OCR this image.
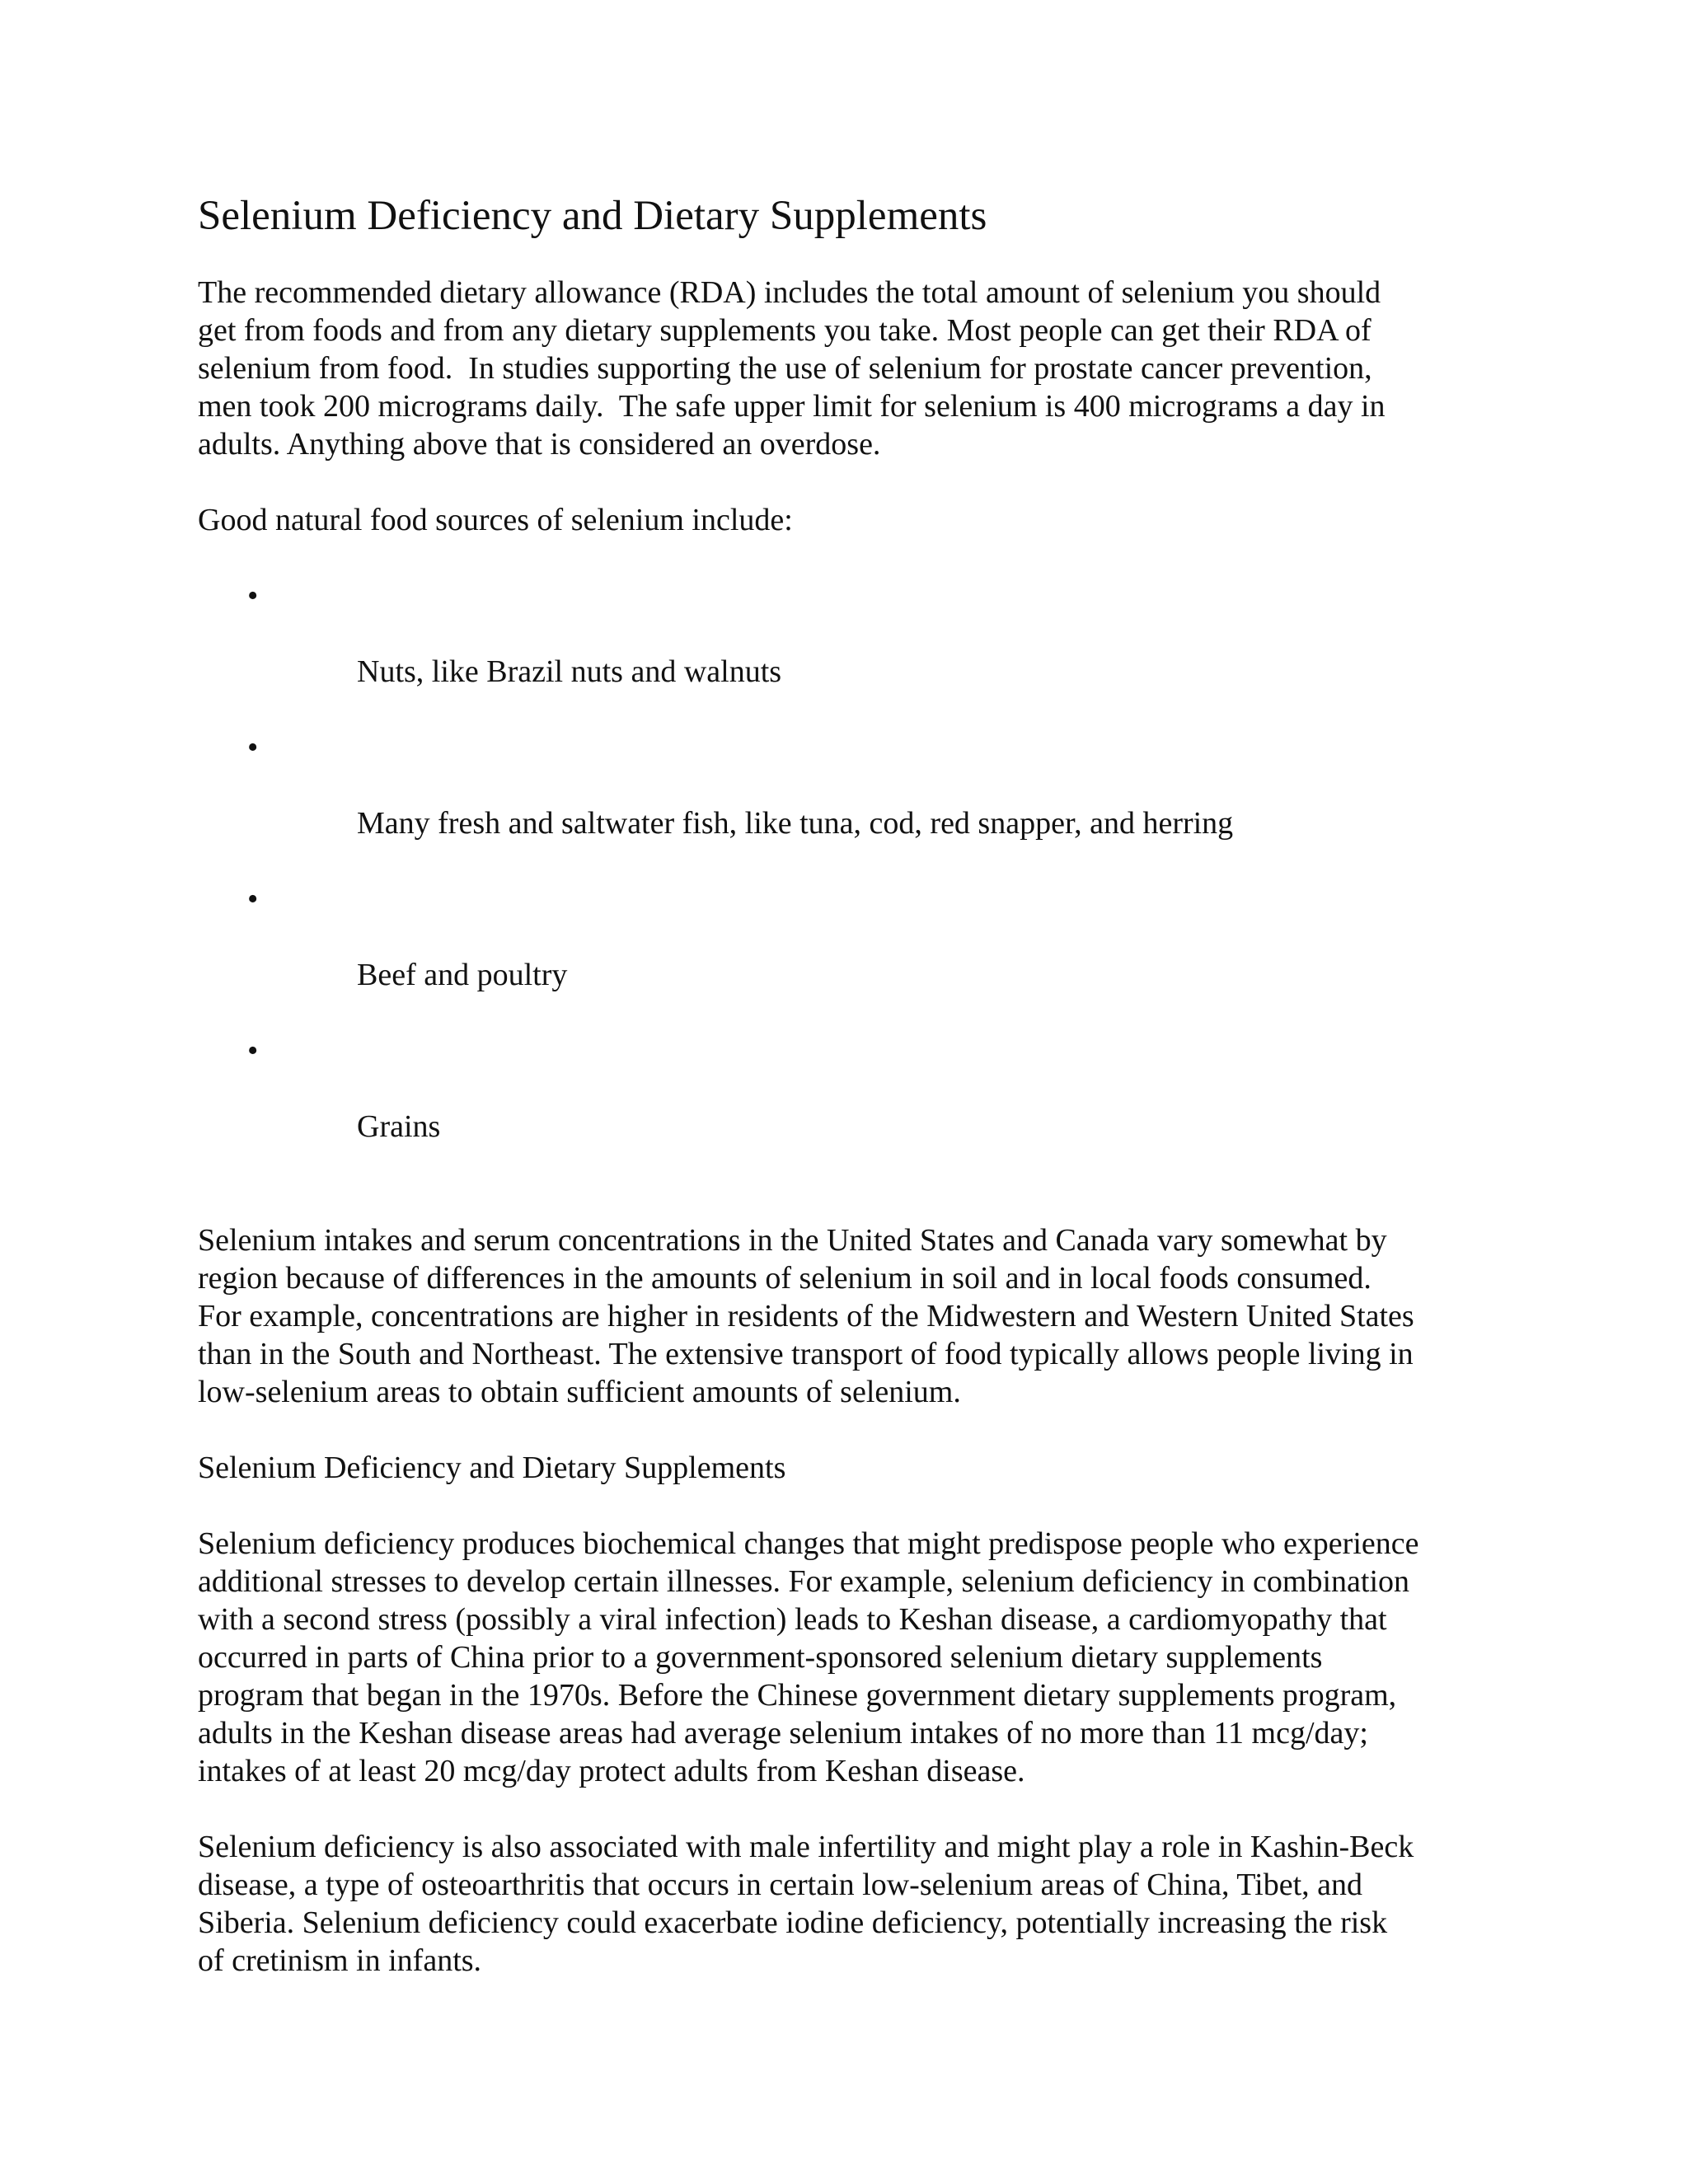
Selenium Deficiency and Dietary Supplements
The recommended dietary allowance (RDA) includes the total amount of selenium you should
get from foods and from any dietary supplements you take. Most people can get their RDA of
selenium from food.  In studies supporting the use of selenium for prostate cancer prevention,
men took 200 micrograms daily.  The safe upper limit for selenium is 400 micrograms a day in
adults. Anything above that is considered an overdose.
Good natural food sources of selenium include:

•

Nuts, like Brazil nuts and walnuts

•

Many fresh and saltwater fish, like tuna, cod, red snapper, and herring

•

Beef and poultry

•

Grains

Selenium intakes and serum concentrations in the United States and Canada vary somewhat by
region because of differences in the amounts of selenium in soil and in local foods consumed.
For example, concentrations are higher in residents of the Midwestern and Western United States
than in the South and Northeast. The extensive transport of food typically allows people living in
low-selenium areas to obtain sufficient amounts of selenium.
Selenium Deficiency and Dietary Supplements
Selenium deficiency produces biochemical changes that might predispose people who experience
additional stresses to develop certain illnesses. For example, selenium deficiency in combination
with a second stress (possibly a viral infection) leads to Keshan disease, a cardiomyopathy that
occurred in parts of China prior to a government-sponsored selenium dietary supplements
program that began in the 1970s. Before the Chinese government dietary supplements program,
adults in the Keshan disease areas had average selenium intakes of no more than 11 mcg/day;
intakes of at least 20 mcg/day protect adults from Keshan disease.
Selenium deficiency is also associated with male infertility and might play a role in Kashin-Beck
disease, a type of osteoarthritis that occurs in certain low-selenium areas of China, Tibet, and
Siberia. Selenium deficiency could exacerbate iodine deficiency, potentially increasing the risk
of cretinism in infants.
